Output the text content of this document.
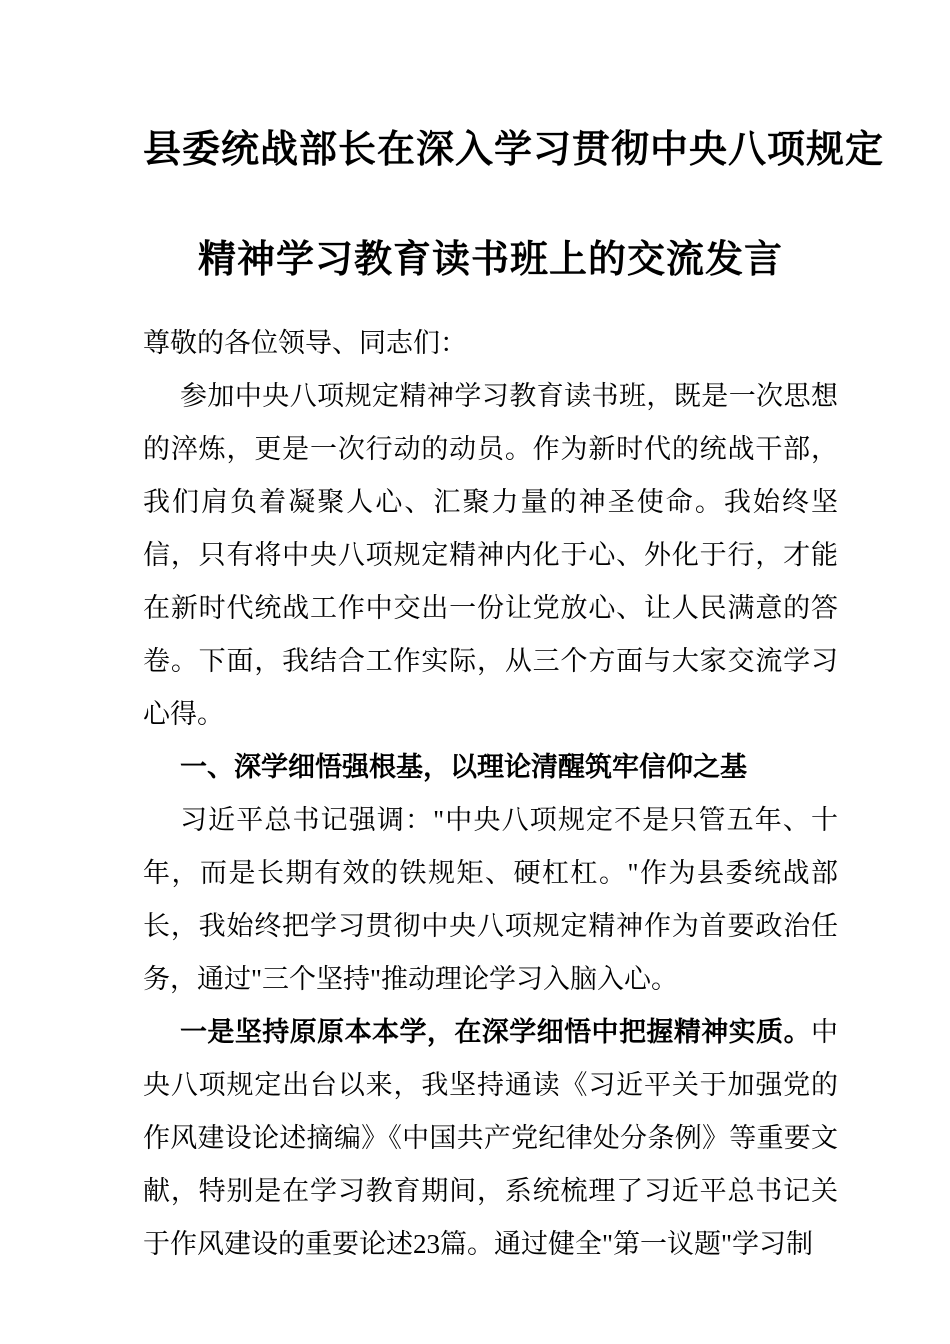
县委统战部长在深入学习贯彻中央八项规定
精神学习教育读书班上的交流发言

尊敬的各位领导、同志们：

参加中央八项规定精神学习教育读书班，既是一次思想的淬炼，更是一次行动的动员。作为新时代的统战干部，我们肩负着凝聚人心、汇聚力量的神圣使命。我始终坚信，只有将中央八项规定精神内化于心、外化于行，才能在新时代统战工作中交出一份让党放心、让人民满意的答卷。下面，我结合工作实际，从三个方面与大家交流学习心得。

一、深学细悟强根基，以理论清醒筑牢信仰之基

习近平总书记强调："中央八项规定不是只管五年、十年，而是长期有效的铁规矩、硬杠杠。"作为县委统战部长，我始终把学习贯彻中央八项规定精神作为首要政治任务，通过"三个坚持"推动理论学习入脑入心。

一是坚持原原本本学，在深学细悟中把握精神实质。中央八项规定出台以来，我坚持通读《习近平关于加强党的作风建设论述摘编》《中国共产党纪律处分条例》等重要文献，特别是在学习教育期间，系统梳理了习近平总书记关于作风建设的重要论述23篇。通过健全"第一议题"学习制
